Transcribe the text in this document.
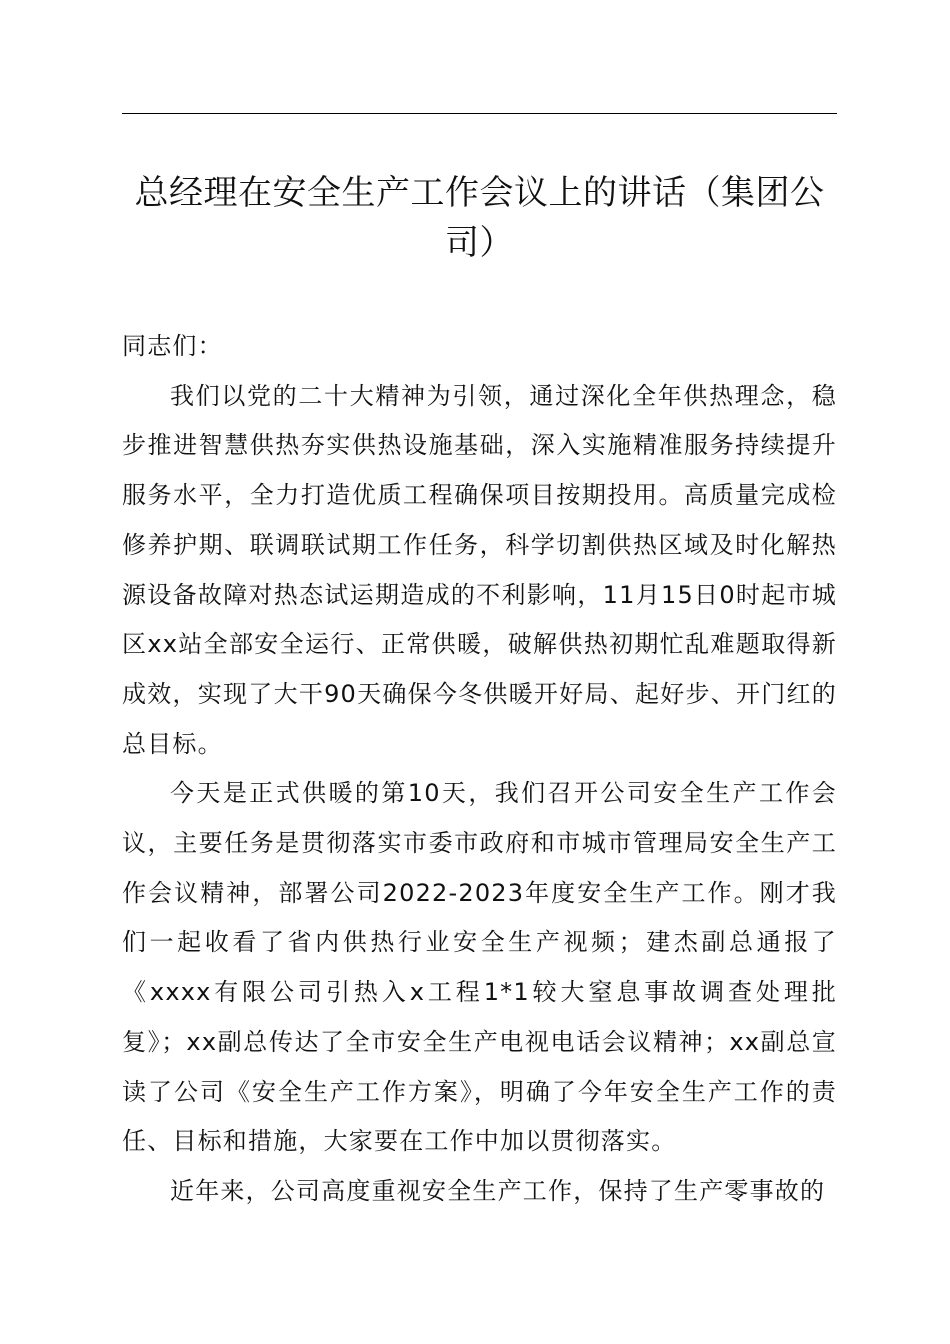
总经理在安全生产工作会议上的讲话（集团公司）

同志们：

我们以党的二十大精神为引领，通过深化全年供热理念，稳步推进智慧供热夯实供热设施基础，深入实施精准服务持续提升服务水平，全力打造优质工程确保项目按期投用。高质量完成检修养护期、联调联试期工作任务，科学切割供热区域及时化解热源设备故障对热态试运期造成的不利影响，11月15日0时起市城区xx站全部安全运行、正常供暖，破解供热初期忙乱难题取得新成效，实现了大干90天确保今冬供暖开好局、起好步、开门红的总目标。

今天是正式供暖的第10天，我们召开公司安全生产工作会议，主要任务是贯彻落实市委市政府和市城市管理局安全生产工作会议精神，部署公司2022-2023年度安全生产工作。刚才我们一起收看了省内供热行业安全生产视频；建杰副总通报了《xxxx有限公司引热入x工程1*1较大窒息事故调查处理批复》；xx副总传达了全市安全生产电视电话会议精神；xx副总宣读了公司《安全生产工作方案》，明确了今年安全生产工作的责任、目标和措施，大家要在工作中加以贯彻落实。

近年来，公司高度重视安全生产工作，保持了生产零事故的
